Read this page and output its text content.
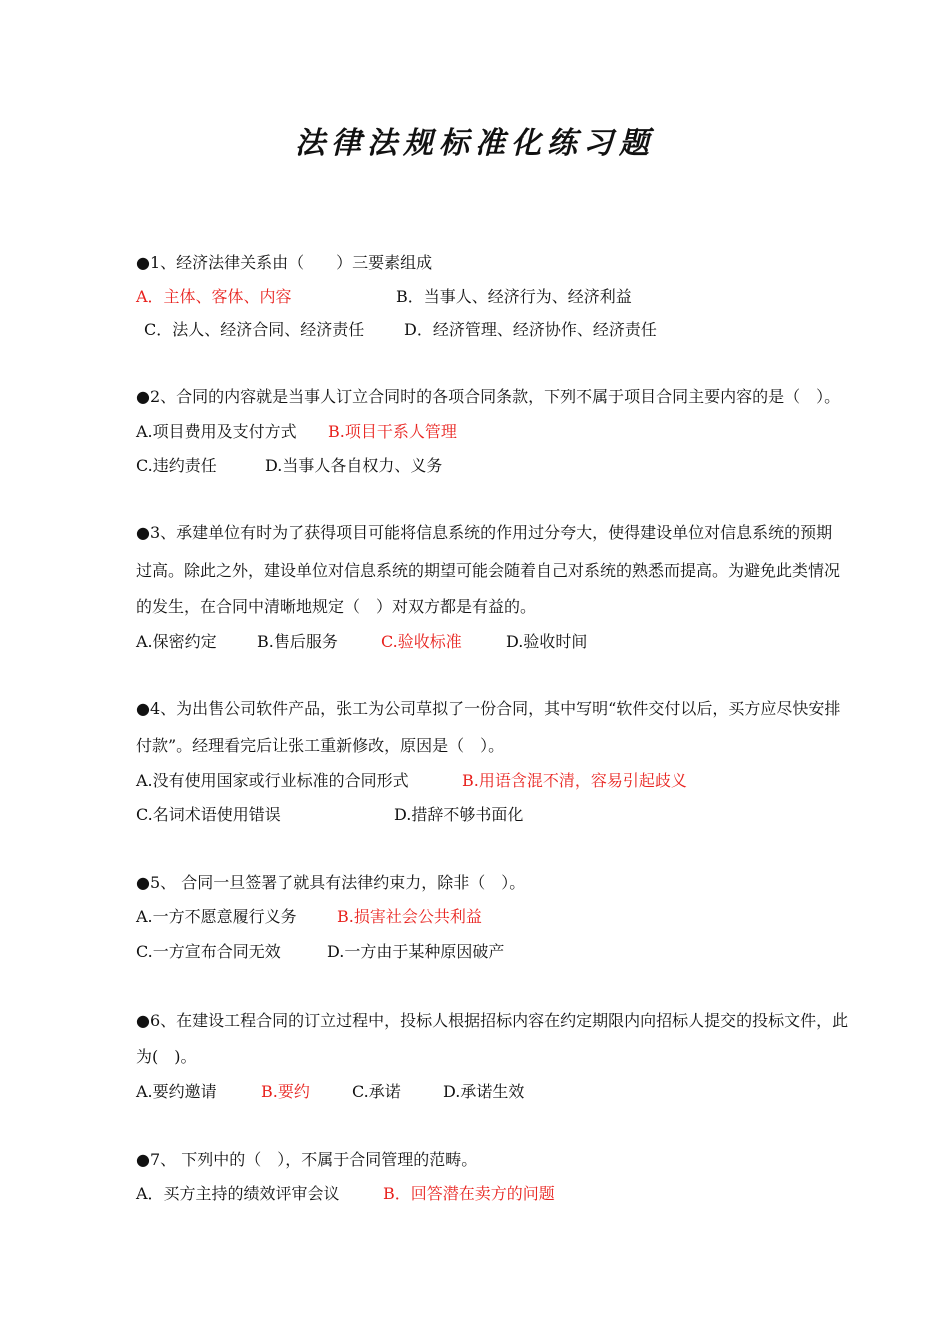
法律法规标准化练习题
●1、经济法律关系由（　　）三要素组成
A．主体、客体、内容	B．当事人、经济行为、经济利益
C．法人、经济合同、经济责任 D．经济管理、经济协作、经济责任
●2、合同的内容就是当事人订立合同时的各项合同条款，下列不属于项目合同主要内容的是（　）。
A.项目费用及支付方式 B.项目干系人管理
C.违约责任	D.当事人各自权力、义务
●3、承建单位有时为了获得项目可能将信息系统的作用过分夸大，使得建设单位对信息系统的预期
过高。除此之外，建设单位对信息系统的期望可能会随着自己对系统的熟悉而提高。为避免此类情况
的发生，在合同中清晰地规定（　）对双方都是有益的。
A.保密约定	B.售后服务	C.验收标准	D.验收时间
●4、为出售公司软件产品，张工为公司草拟了一份合同，其中写明“软件交付以后，买方应尽快安排
付款”。经理看完后让张工重新修改，原因是（　）。
A.没有使用国家或行业标准的合同形式	B.用语含混不清，容易引起歧义
C.名词术语使用错误	D.措辞不够书面化
●5、 合同一旦签署了就具有法律约束力，除非（　）。
A.一方不愿意履行义务	B.损害社会公共利益
C.一方宣布合同无效	D.一方由于某种原因破产
●6、在建设工程合同的订立过程中，投标人根据招标内容在约定期限内向招标人提交的投标文件，此
为(　)。
A.要约邀请	B.要约	C.承诺	D.承诺生效
●7、 下列中的（　），不属于合同管理的范畴。
A．买方主持的绩效评审会议	B．回答潜在卖方的问题
